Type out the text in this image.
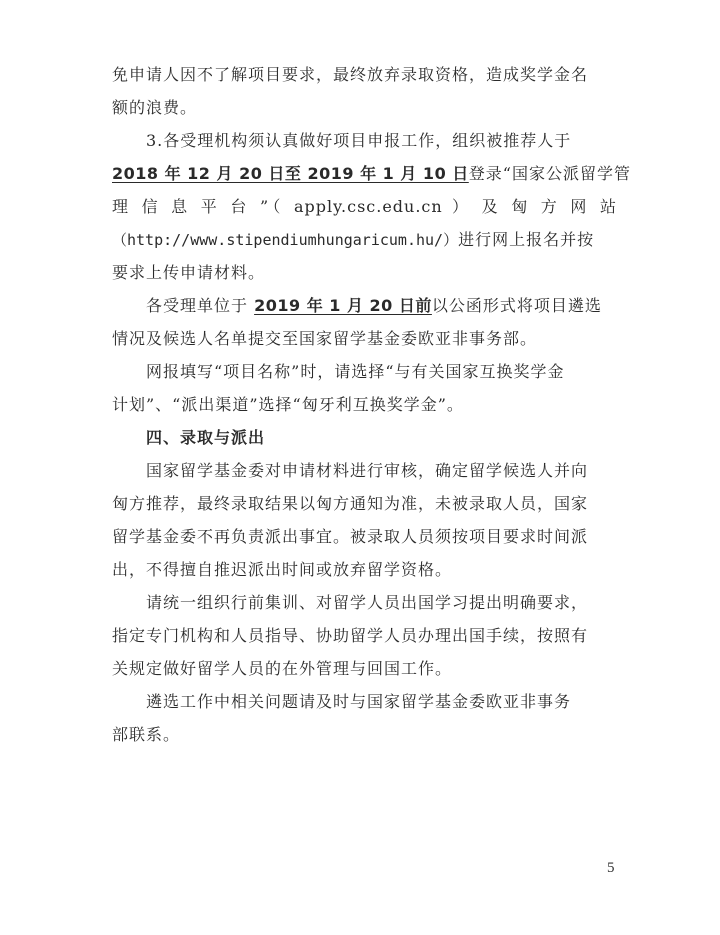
免申请人因不了解项目要求，最终放弃录取资格，造成奖学金名
额的浪费。
3.各受理机构须认真做好项目申报工作，组织被推荐人于
2018 年 12 月 20 日至 2019 年 1 月 10 日登录“国家公派留学管
理 信 息 平 台 ”（ apply.csc.edu.cn ） 及 匈 方 网 站
（http://www.stipendiumhungaricum.hu/）进行网上报名并按
要求上传申请材料。
各受理单位于 2019 年 1 月 20 日前以公函形式将项目遴选
情况及候选人名单提交至国家留学基金委欧亚非事务部。
网报填写“项目名称”时，请选择“与有关国家互换奖学金
计划”、“派出渠道”选择“匈牙利互换奖学金”。
四、录取与派出
国家留学基金委对申请材料进行审核，确定留学候选人并向
匈方推荐，最终录取结果以匈方通知为准，未被录取人员，国家
留学基金委不再负责派出事宜。被录取人员须按项目要求时间派
出，不得擅自推迟派出时间或放弃留学资格。
请统一组织行前集训、对留学人员出国学习提出明确要求，
指定专门机构和人员指导、协助留学人员办理出国手续，按照有
关规定做好留学人员的在外管理与回国工作。
遴选工作中相关问题请及时与国家留学基金委欧亚非事务
部联系。
5
